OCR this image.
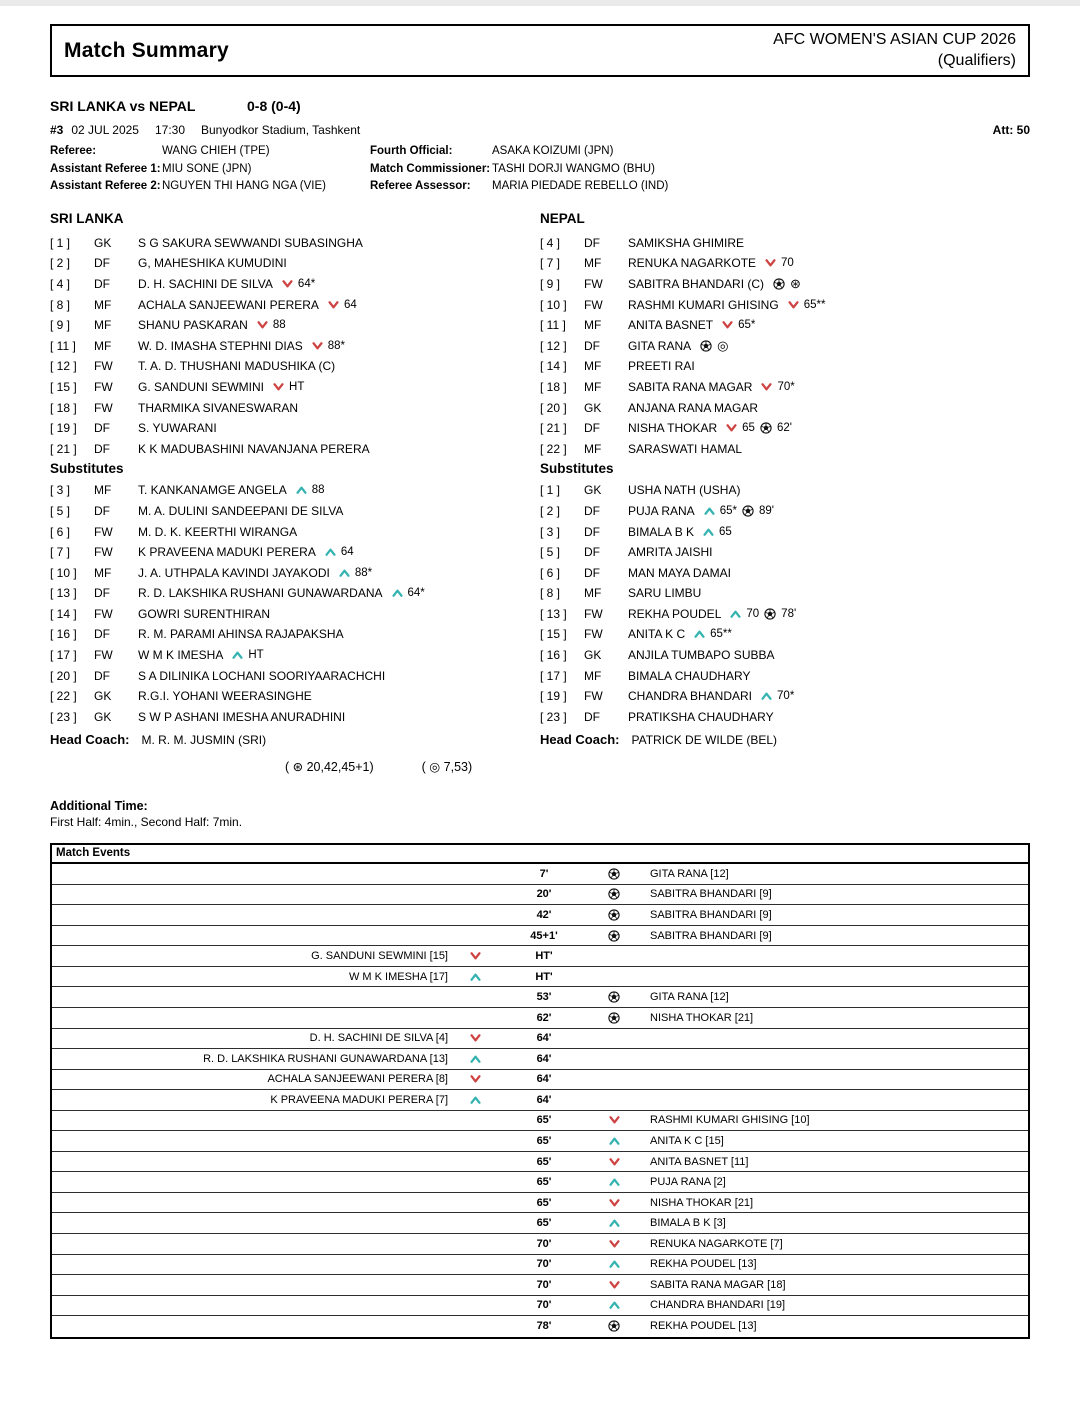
Match Summary	AFC WOMEN'S ASIAN CUP 2026
(Qualifiers)
SRI LANKA vs NEPAL	0-8 (0-4)
#3 02 JUL 2025 17:30 Bunyodkor Stadium, Tashkent	Att: 50
Referee:	WANG CHIEH (TPE)	Fourth Official:	ASAKA KOIZUMI (JPN)
Assistant Referee 1: MIU SONE (JPN)	Match Commissioner: TASHI DORJI WANGMO (BHU)
Assistant Referee 2: NGUYEN THI HANG NGA (VIE)	Referee Assessor:	MARIA PIEDADE REBELLO (IND)
SRI LANKA
[ 1 ]	GK	S G SAKURA SEWWANDI SUBASINGHA
[ 2 ]	DF	G, MAHESHIKA KUMUDINI
[ 4 ]	DF	D. H. SACHINI DE SILVA 64*
[ 8 ]	MF	ACHALA SANJEEWANI PERERA 64
[ 9 ]	MF	SHANU PASKARAN 88
[ 11 ]	MF	W. D. IMASHA STEPHNI DIAS 88*
[ 12 ]	FW	T. A. D. THUSHANI MADUSHIKA (C)
[ 15 ]	FW	G. SANDUNI SEWMINI HT
[ 18 ]	FW	THARMIKA SIVANESWARAN
[ 19 ]	DF	S. YUWARANI
[ 21 ]	DF	K K MADUBASHINI NAVANJANA PERERA
Substitutes
[ 3 ]	MF	T. KANKANAMGE ANGELA 88
[ 5 ]	DF	M. A. DULINI SANDEEPANI DE SILVA
[ 6 ]	FW	M. D. K. KEERTHI WIRANGA
[ 7 ]	FW	K PRAVEENA MADUKI PERERA 64
[ 10 ]	MF	J. A. UTHPALA KAVINDI JAYAKODI 88*
[ 13 ]	DF	R. D. LAKSHIKA RUSHANI GUNAWARDANA 64*
[ 14 ]	FW	GOWRI SURENTHIRAN
[ 16 ]	DF	R. M. PARAMI AHINSA RAJAPAKSHA
[ 17 ]	FW	W M K IMESHA HT
[ 20 ]	DF	S A DILINIKA LOCHANI SOORIYAARACHCHI
[ 22 ]	GK	R.G.I. YOHANI WEERASINGHE
[ 23 ]	GK	S W P ASHANI IMESHA ANURADHINI
Head Coach: M. R. M. JUSMIN (SRI)
NEPAL
[ 4 ]	DF	SAMIKSHA GHIMIRE
[ 7 ]	MF	RENUKA NAGARKOTE 70
[ 9 ]	FW	SABITRA BHANDARI (C) ⊛
[ 10 ]	FW	RASHMI KUMARI GHISING 65**
[ 11 ]	MF	ANITA BASNET 65*
[ 12 ]	DF	GITA RANA ◎
[ 14 ]	MF	PREETI RAI
[ 18 ]	MF	SABITA RANA MAGAR 70*
[ 20 ]	GK	ANJANA RANA MAGAR
[ 21 ]	DF	NISHA THOKAR 65 62'
[ 22 ]	MF	SARASWATI HAMAL
Substitutes
[ 1 ]	GK	USHA NATH (USHA)
[ 2 ]	DF	PUJA RANA 65* 89'
[ 3 ]	DF	BIMALA B K 65
[ 5 ]	DF	AMRITA JAISHI
[ 6 ]	DF	MAN MAYA DAMAI
[ 8 ]	MF	SARU LIMBU
[ 13 ]	FW	REKHA POUDEL 70 78'
[ 15 ]	FW	ANITA K C 65**
[ 16 ]	GK	ANJILA TUMBAPO SUBBA
[ 17 ]	MF	BIMALA CHAUDHARY
[ 19 ]	FW	CHANDRA BHANDARI 70*
[ 23 ]	DF	PRATIKSHA CHAUDHARY
Head Coach: PATRICK DE WILDE (BEL)
( ⊛ 20,42,45+1)	( ◎ 7,53)
Additional Time:
First Half: 4min., Second Half: 7min.
Match Events
7'	GITA RANA [12]
20'	SABITRA BHANDARI [9]
42'	SABITRA BHANDARI [9]
45+1'	SABITRA BHANDARI [9]
G. SANDUNI SEWMINI [15]	HT'
W M K IMESHA [17]	HT'
53'	GITA RANA [12]
62'	NISHA THOKAR [21]
D. H. SACHINI DE SILVA [4]	64'
R. D. LAKSHIKA RUSHANI GUNAWARDANA [13]	64'
ACHALA SANJEEWANI PERERA [8]	64'
K PRAVEENA MADUKI PERERA [7]	64'
65'	RASHMI KUMARI GHISING [10]
65'	ANITA K C [15]
65'	ANITA BASNET [11]
65'	PUJA RANA [2]
65'	NISHA THOKAR [21]
65'	BIMALA B K [3]
70'	RENUKA NAGARKOTE [7]
70'	REKHA POUDEL [13]
70'	SABITA RANA MAGAR [18]
70'	CHANDRA BHANDARI [19]
78'	REKHA POUDEL [13]
